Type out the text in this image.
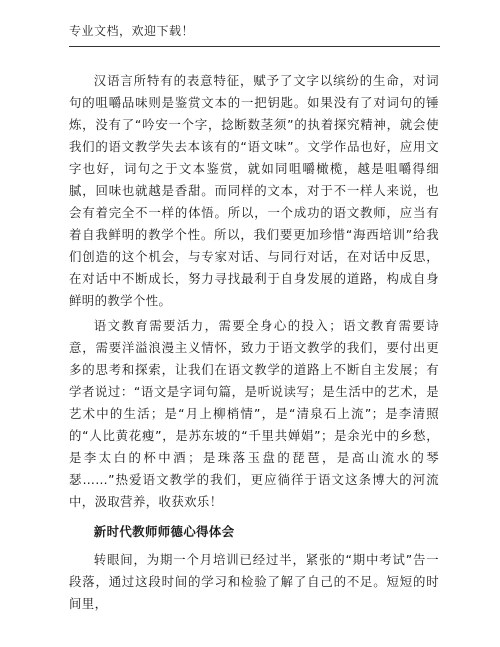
专业文档，欢迎下载！

汉语言所特有的表意特征，赋予了文字以缤纷的生命，对词句的咀嚼品味则是鉴赏文本的一把钥匙。如果没有了对词句的锤炼，没有了“吟安一个字，捻断数茎须”的执着探究精神，就会使我们的语文教学失去本该有的“语文味”。文学作品也好，应用文字也好，词句之于文本鉴赏，就如同咀嚼橄榄，越是咀嚼得细腻，回味也就越是香甜。而同样的文本，对于不一样人来说，也会有着完全不一样的体悟。所以，一个成功的语文教师，应当有着自我鲜明的教学个性。所以，我们要更加珍惜“海西培训”给我们创造的这个机会，与专家对话、与同行对话，在对话中反思，在对话中不断成长，努力寻找最利于自身发展的道路，构成自身鲜明的教学个性。

语文教育需要活力，需要全身心的投入；语文教育需要诗意，需要洋溢浪漫主义情怀，致力于语文教学的我们，要付出更多的思考和探索，让我们在语文教学的道路上不断自主发展；有学者说过：“语文是字词句篇，是听说读写；是生活中的艺术，是艺术中的生活；是“月上柳梢情”，是“清泉石上流”；是李清照的“人比黄花瘦”，是苏东坡的“千里共婵娟”；是余光中的乡愁，是李太白的杯中酒；是珠落玉盘的琵琶，是高山流水的琴瑟……”热爱语文教学的我们，更应徜徉于语文这条博大的河流中，汲取营养，收获欢乐！

新时代教师师德心得体会

转眼间，为期一个月培训已经过半，紧张的“期中考试”告一段落，通过这段时间的学习和检验了解了自己的不足。短短的时间里，
